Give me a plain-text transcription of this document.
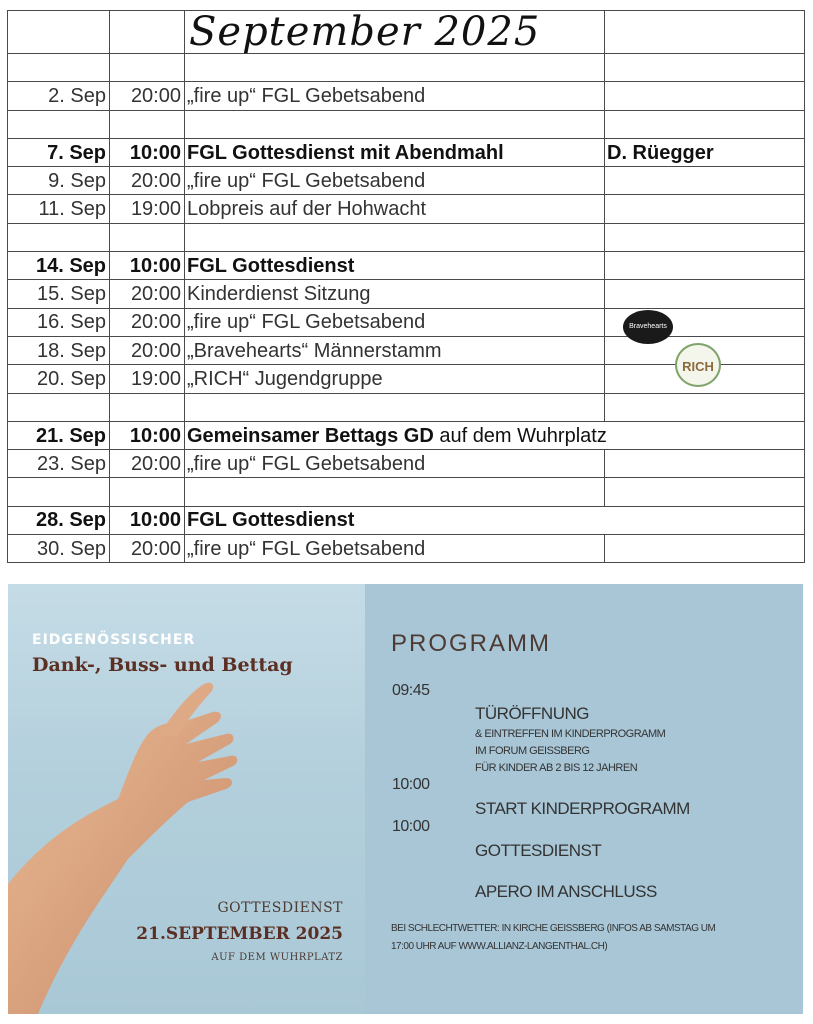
		September 2025	

2. Sep	20:00	„fire up“ FGL Gebetsabend	

7. Sep	10:00	FGL Gottesdienst mit Abendmahl	D. Rüegger
9. Sep	20:00	„fire up“ FGL Gebetsabend	
11. Sep	19:00	Lobpreis auf der Hohwacht	

14. Sep	10:00	FGL Gottesdienst	
15. Sep	20:00	Kinderdienst Sitzung	
16. Sep	20:00	„fire up“ FGL Gebetsabend	
18. Sep	20:00	„Bravehearts“ Männerstamm	
20. Sep	19:00	„RICH“ Jugendgruppe	

21. Sep	10:00	Gemeinsamer Bettags GD auf dem Wuhrplatz	
23. Sep	20:00	„fire up“ FGL Gebetsabend	

28. Sep	10:00	FGL Gottesdienst	
30. Sep	20:00	„fire up“ FGL Gebetsabend	
Bravehearts
RICH
EIDGENÖSSISCHER
Dank-, Buss- und Bettag
GOTTESDIENST
21.SEPTEMBER 2025
AUF DEM WUHRPLATZ
PROGRAMM
09:45
TÜRÖFFNUNG
& EINTREFFEN IM KINDERPROGRAMM
IM FORUM GEISSBERG
FÜR KINDER AB 2 BIS 12 JAHREN
10:00
START KINDERPROGRAMM
10:00
GOTTESDIENST
APERO IM ANSCHLUSS
BEI SCHLECHTWETTER: IN KIRCHE GEISSBERG (INFOS AB SAMSTAG UM
17:00 UHR AUF WWW.ALLIANZ-LANGENTHAL.CH)
